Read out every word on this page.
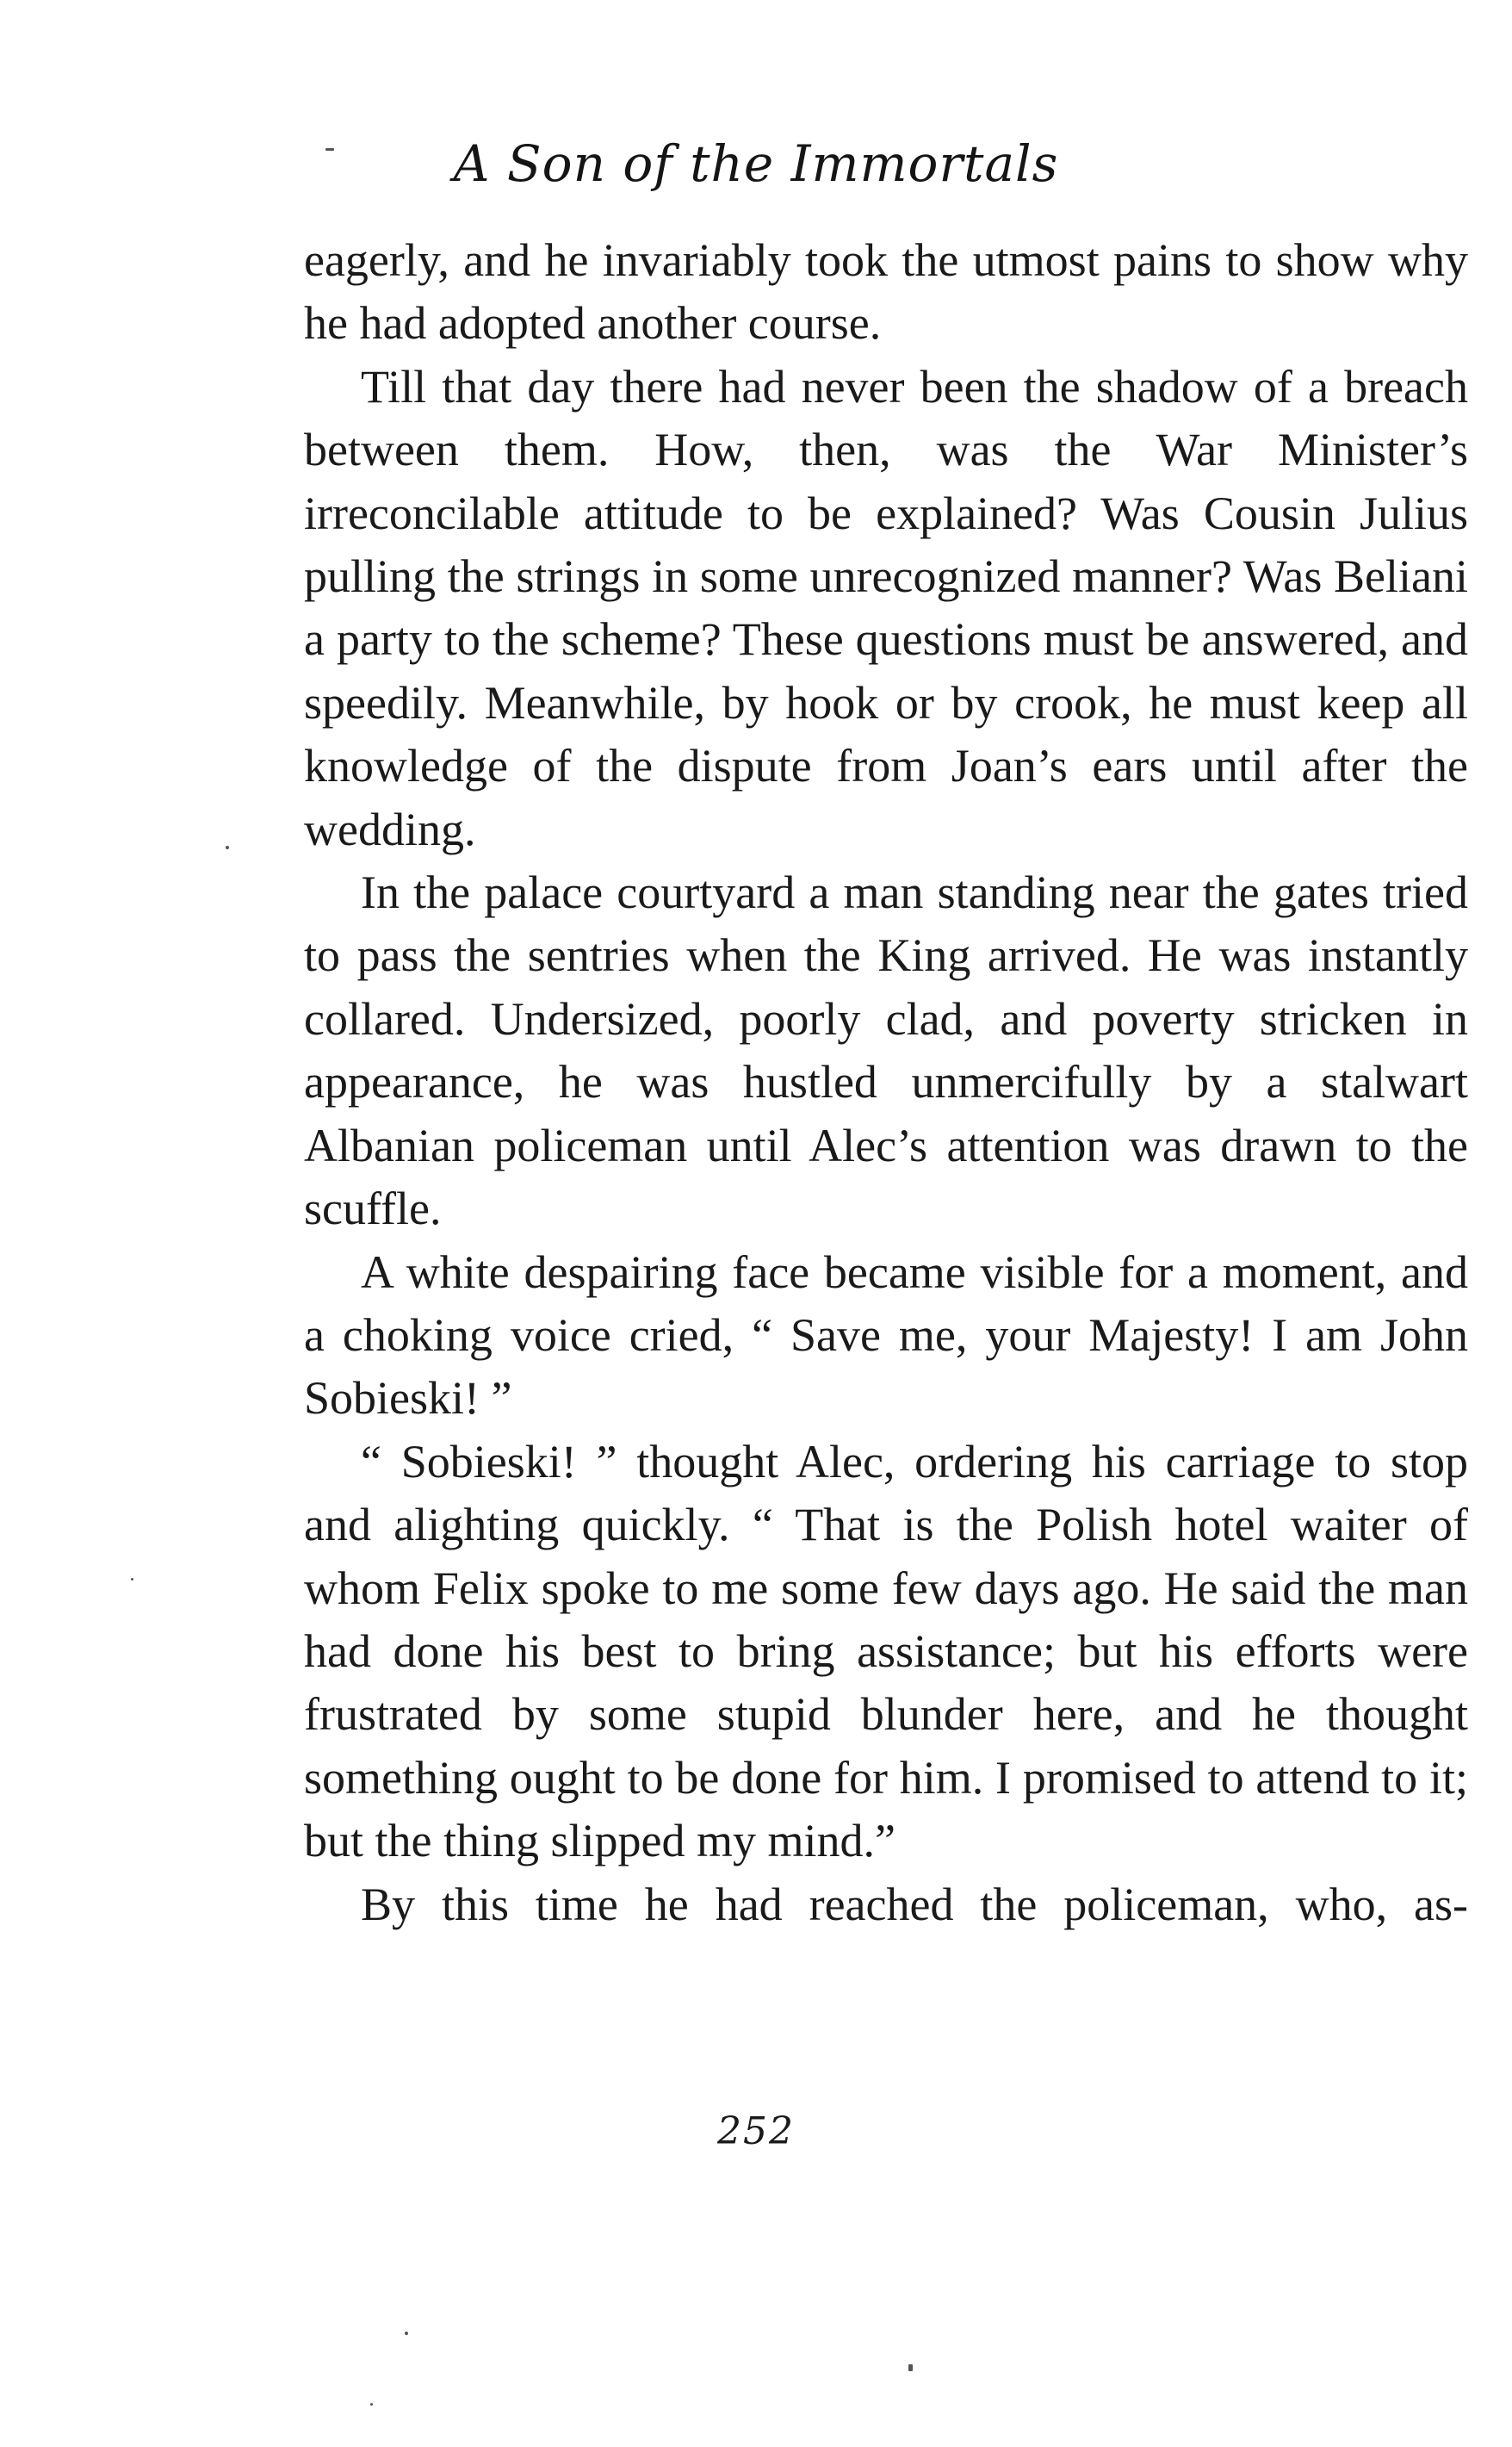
A Son of the Immortals

eagerly, and he invariably took the utmost pains to show why he had adopted another course.

Till that day there had never been the shadow of a breach between them. How, then, was the War Minister’s irreconcilable attitude to be explained? Was Cousin Julius pulling the strings in some unrecognized manner? Was Beliani a party to the scheme? These questions must be answered, and speedily. Meanwhile, by hook or by crook, he must keep all knowledge of the dispute from Joan’s ears until after the wedding.

In the palace courtyard a man standing near the gates tried to pass the sentries when the King arrived. He was instantly collared. Undersized, poorly clad, and poverty stricken in appearance, he was hustled unmercifully by a stalwart Albanian policeman until Alec’s attention was drawn to the scuffle.

A white despairing face became visible for a moment, and a choking voice cried, “ Save me, your Majesty! I am John Sobieski! ”

“ Sobieski! ” thought Alec, ordering his carriage to stop and alighting quickly. “ That is the Polish hotel waiter of whom Felix spoke to me some few days ago. He said the man had done his best to bring assistance; but his efforts were frustrated by some stupid blunder here, and he thought something ought to be done for him. I promised to attend to it; but the thing slipped my mind.”

By this time he had reached the policeman, who, as-

252
